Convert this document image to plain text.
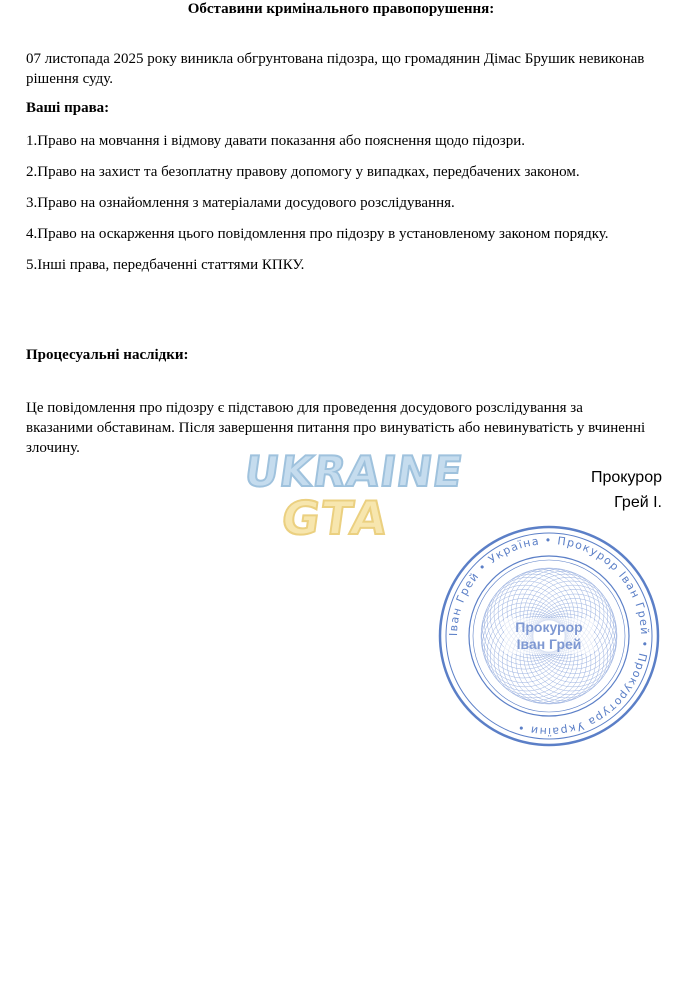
Обставини кримінального правопорушення:

07 листопада 2025 року виникла обгрунтована підозра, що громадянин Дімас Брушик невиконав рішення суду.

Ваші права:

1.Право на мовчання і відмову давати показання або пояснення щодо підозри.

2.Право на захист та безоплатну правову допомогу у випадках, передбачених законом.

3.Право на ознайомлення з матеріалами досудового розслідування.

4.Право на оскарження цього повідомлення про підозру в установленому законом порядку.

5.Інші права, передбаченні статтями КПКУ.

Процесуальні наслідки:

Це повідомлення про підозру є підставою для проведення досудового розслідування за вказаними обставинам. Після завершення питання про винуватість або невинуватість у вчиненні злочину.	UKRAINE
GTA
Прокурор
Грей І.
Іван Грей • Україна • Прокурор Іван Грей • Прокуротура України •
Прокурор
Іван Грей
